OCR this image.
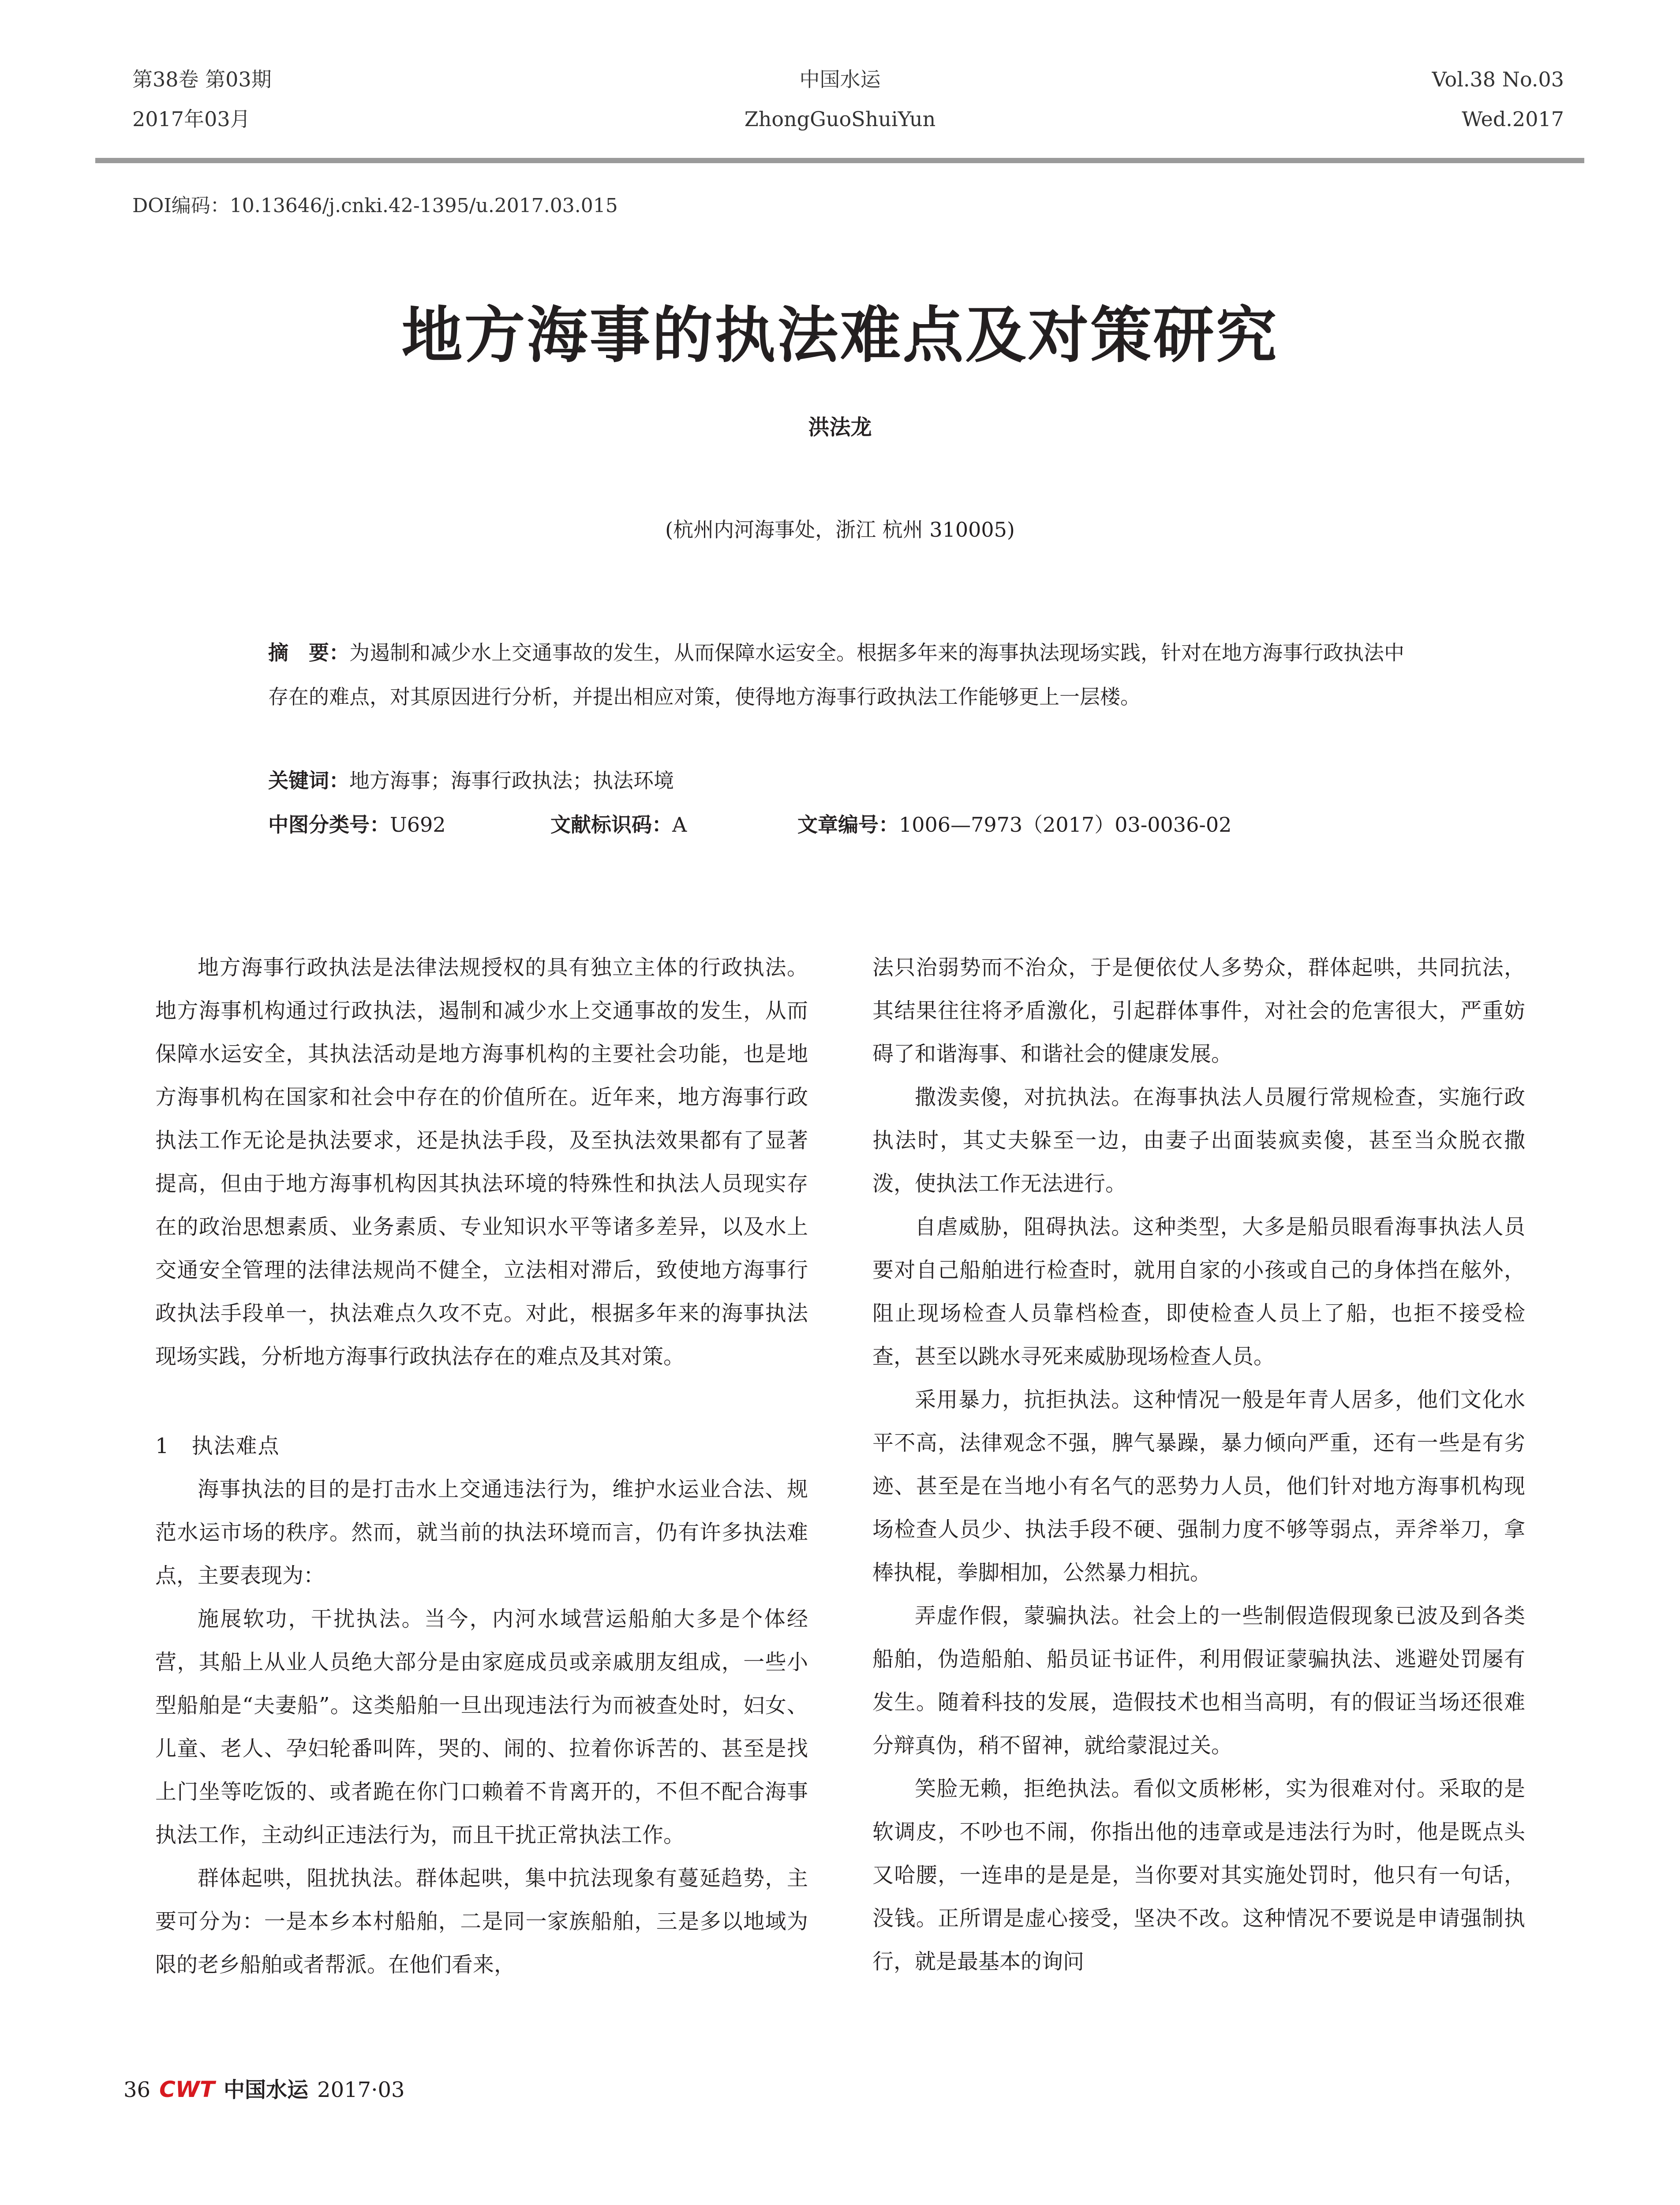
第38卷 第03期
2017年03月
中国水运
ZhongGuoShuiYun
Vol.38 No.03
Wed.2017
DOI编码：10.13646/j.cnki.42-1395/u.2017.03.015
地方海事的执法难点及对策研究
洪法龙
(杭州内河海事处，浙江 杭州 310005)
摘　要：为遏制和减少水上交通事故的发生，从而保障水运安全。根据多年来的海事执法现场实践，针对在地方海事行政执法中存在的难点，对其原因进行分析，并提出相应对策，使得地方海事行政执法工作能够更上一层楼。
关键词：地方海事；海事行政执法；执法环境
中图分类号：U692	文献标识码：A	文章编号：1006—7973（2017）03-0036-02

地方海事行政执法是法律法规授权的具有独立主体的行政执法。地方海事机构通过行政执法，遏制和减少水上交通事故的发生，从而保障水运安全，其执法活动是地方海事机构的主要社会功能，也是地方海事机构在国家和社会中存在的价值所在。近年来，地方海事行政执法工作无论是执法要求，还是执法手段，及至执法效果都有了显著提高，但由于地方海事机构因其执法环境的特殊性和执法人员现实存在的政治思想素质、业务素质、专业知识水平等诸多差异，以及水上交通安全管理的法律法规尚不健全，立法相对滞后，致使地方海事行政执法手段单一，执法难点久攻不克。对此，根据多年来的海事执法现场实践，分析地方海事行政执法存在的难点及其对策。

1　执法难点

海事执法的目的是打击水上交通违法行为，维护水运业合法、规范水运市场的秩序。然而，就当前的执法环境而言，仍有许多执法难点，主要表现为：

施展软功，干扰执法。当今，内河水域营运船舶大多是个体经营，其船上从业人员绝大部分是由家庭成员或亲戚朋友组成，一些小型船舶是“夫妻船”。这类船舶一旦出现违法行为而被查处时，妇女、儿童、老人、孕妇轮番叫阵，哭的、闹的、拉着你诉苦的、甚至是找上门坐等吃饭的、或者跪在你门口赖着不肯离开的，不但不配合海事执法工作，主动纠正违法行为，而且干扰正常执法工作。

群体起哄，阻扰执法。群体起哄，集中抗法现象有蔓延趋势，主要可分为：一是本乡本村船舶，二是同一家族船舶，三是多以地域为限的老乡船舶或者帮派。在他们看来，

法只治弱势而不治众，于是便依仗人多势众，群体起哄，共同抗法，其结果往往将矛盾激化，引起群体事件，对社会的危害很大，严重妨碍了和谐海事、和谐社会的健康发展。

撒泼卖傻，对抗执法。在海事执法人员履行常规检查，实施行政执法时，其丈夫躲至一边，由妻子出面装疯卖傻，甚至当众脱衣撒泼，使执法工作无法进行。

自虐威胁，阻碍执法。这种类型，大多是船员眼看海事执法人员要对自己船舶进行检查时，就用自家的小孩或自己的身体挡在舷外，阻止现场检查人员靠档检查，即使检查人员上了船，也拒不接受检查，甚至以跳水寻死来威胁现场检查人员。

采用暴力，抗拒执法。这种情况一般是年青人居多，他们文化水平不高，法律观念不强，脾气暴躁，暴力倾向严重，还有一些是有劣迹、甚至是在当地小有名气的恶势力人员，他们针对地方海事机构现场检查人员少、执法手段不硬、强制力度不够等弱点，弄斧举刀，拿棒执棍，拳脚相加，公然暴力相抗。

弄虚作假，蒙骗执法。社会上的一些制假造假现象已波及到各类船舶，伪造船舶、船员证书证件，利用假证蒙骗执法、逃避处罚屡有发生。随着科技的发展，造假技术也相当高明，有的假证当场还很难分辩真伪，稍不留神，就给蒙混过关。

笑脸无赖，拒绝执法。看似文质彬彬，实为很难对付。采取的是软调皮，不吵也不闹，你指出他的违章或是违法行为时，他是既点头又哈腰，一连串的是是是，当你要对其实施处罚时，他只有一句话，没钱。正所谓是虚心接受，坚决不改。这种情况不要说是申请强制执行，就是最基本的询问

36 CWT 中国水运 2017·03
